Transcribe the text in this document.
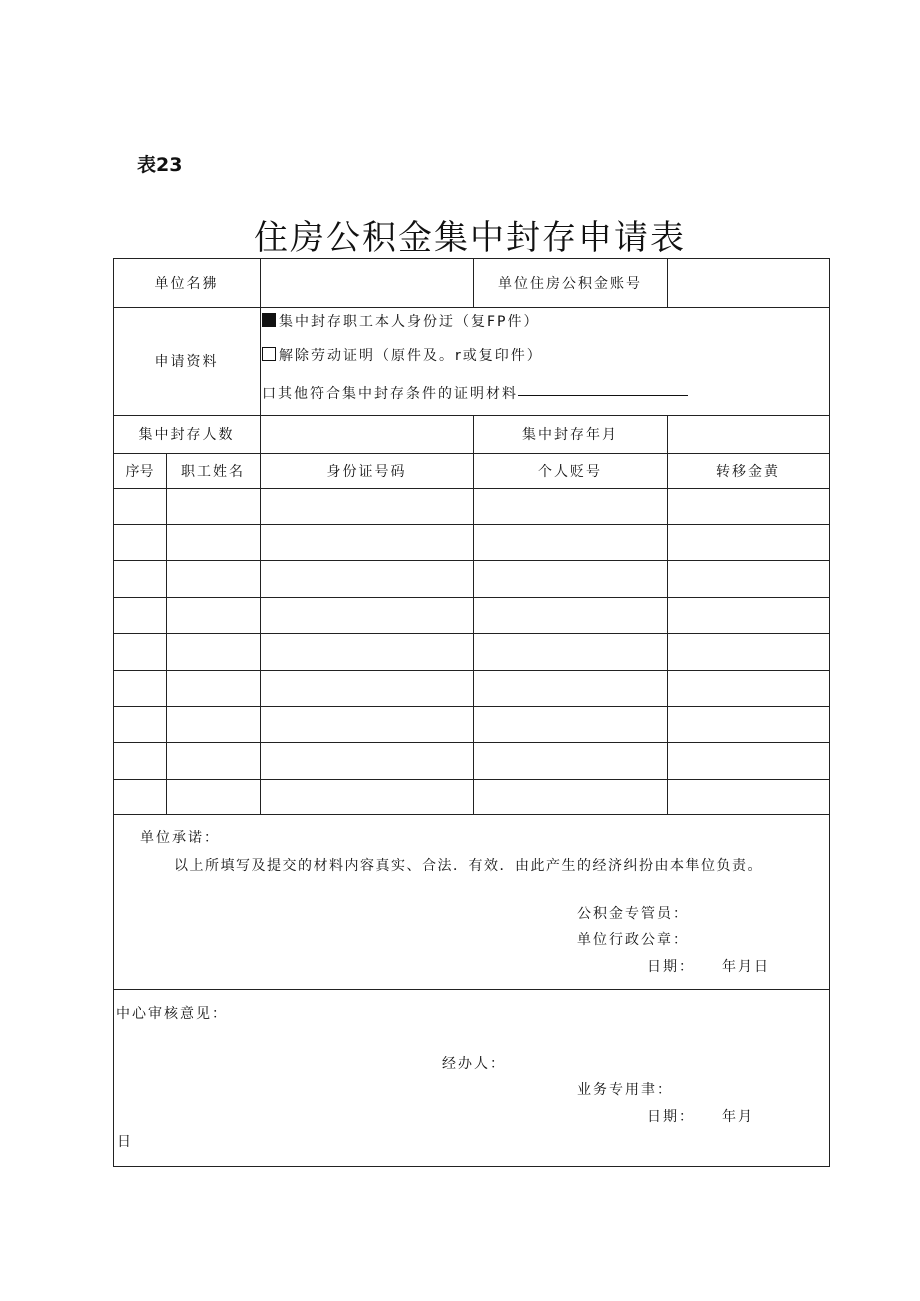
表23
住房公积金集中封存申请表
单位名狒	单位住房公积金账号
申请资料
集中封存职工本人身份迂（复FP件）
解除劳动证明（原件及。r或复印件）
口其他符合集中封存条件的证明材料
集中封存人数	集中封存年月
序号	职工姓名	身份证号码	个人贬号	转移金黄
单位承诺：
以上所填写及提交的材料内容真实、合法．有效．由此产生的经济纠扮由本隼位负责。
公积金专管员：
单位行政公章：
日期： 年月日
中心审核意见：
经办人：
业务专用聿：
日期： 年月
日
